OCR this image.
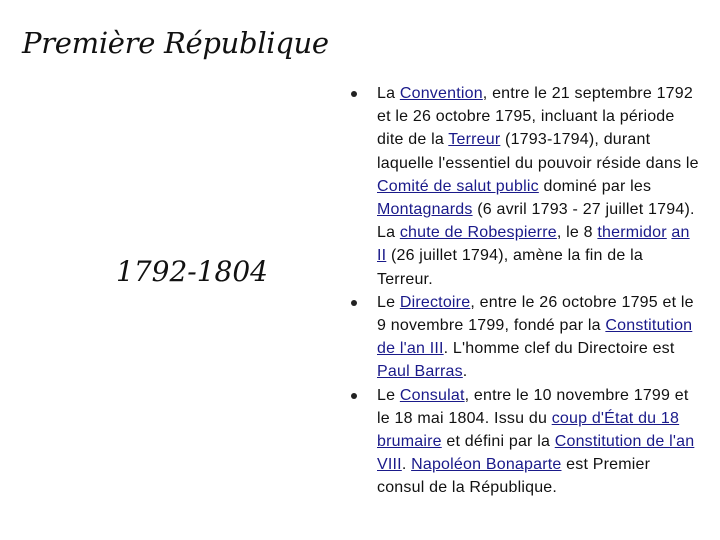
Première République
1792-1804
La Convention, entre le 21 septembre 1792 et le 26 octobre 1795, incluant la période dite de la Terreur (1793-1794), durant laquelle l'essentiel du pouvoir réside dans le Comité de salut public dominé par les Montagnards (6 avril 1793 - 27 juillet 1794). La chute de Robespierre, le 8 thermidor an II (26 juillet 1794), amène la fin de la Terreur.
Le Directoire, entre le 26 octobre 1795 et le 9 novembre 1799, fondé par la Constitution de l'an III. L'homme clef du Directoire est Paul Barras.
Le Consulat, entre le 10 novembre 1799 et le 18 mai 1804. Issu du coup d'État du 18 brumaire et défini par la Constitution de l'an VIII. Napoléon Bonaparte est Premier consul de la République.
